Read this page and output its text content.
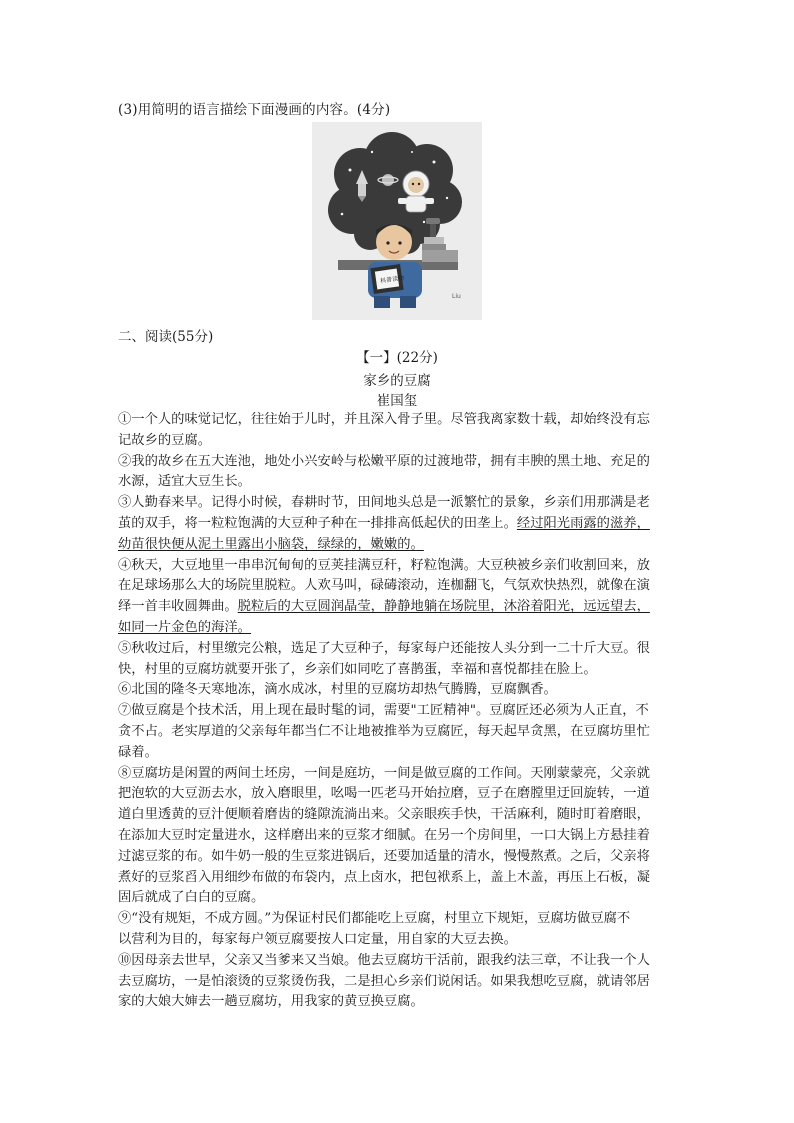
(3)用简明的语言描绘下面漫画的内容。(4分)
科普读物
Liu
二、阅读(55分)
【一】(22分)
家乡的豆腐
崔国玺

①一个人的味觉记忆，往往始于儿时，并且深入骨子里。尽管我离家数十载，却始终没有忘
记故乡的豆腐。

②我的故乡在五大连池，地处小兴安岭与松嫩平原的过渡地带，拥有丰腴的黑土地、充足的
水源，适宜大豆生长。

③人勤春来早。记得小时候，春耕时节，田间地头总是一派繁忙的景象，乡亲们用那满是老
茧的双手，将一粒粒饱满的大豆种子种在一排排高低起伏的田垄上。经过阳光雨露的滋养，
幼苗很快便从泥土里露出小脑袋，绿绿的，嫩嫩的。

④秋天，大豆地里一串串沉甸甸的豆荚挂满豆秆，籽粒饱满。大豆秧被乡亲们收割回来，放
在足球场那么大的场院里脱粒。人欢马叫，碌碡滚动，连枷翻飞，气氛欢快热烈，就像在演
绎一首丰收圆舞曲。脱粒后的大豆圆润晶莹，静静地躺在场院里，沐浴着阳光，远远望去，
如同一片金色的海洋。

⑤秋收过后，村里缴完公粮，选足了大豆种子，每家每户还能按人头分到一二十斤大豆。很
快，村里的豆腐坊就要开张了，乡亲们如同吃了喜鹊蛋，幸福和喜悦都挂在脸上。

⑥北国的隆冬天寒地冻，滴水成冰，村里的豆腐坊却热气腾腾，豆腐飘香。

⑦做豆腐是个技术活，用上现在最时髦的词，需要"工匠精神"。豆腐匠还必须为人正直，不
贪不占。老实厚道的父亲每年都当仁不让地被推举为豆腐匠，每天起早贪黑，在豆腐坊里忙
碌着。

⑧豆腐坊是闲置的两间土坯房，一间是庭坊，一间是做豆腐的工作间。天刚蒙蒙亮，父亲就
把泡软的大豆沥去水，放入磨眼里，吆喝一匹老马开始拉磨，豆子在磨膛里迂回旋转，一道
道白里透黄的豆汁便顺着磨齿的缝隙流淌出来。父亲眼疾手快，干活麻利，随时盯着磨眼，
在添加大豆时定量进水，这样磨出来的豆浆才细腻。在另一个房间里，一口大锅上方悬挂着
过滤豆浆的布。如牛奶一般的生豆浆进锅后，还要加适量的清水，慢慢熬煮。之后，父亲将
煮好的豆浆舀入用细纱布做的布袋内，点上卤水，把包袱系上，盖上木盖，再压上石板，凝
固后就成了白白的豆腐。

⑨“没有规矩，不成方圆。”为保证村民们都能吃上豆腐，村里立下规矩，豆腐坊做豆腐不
以营利为目的，每家每户领豆腐要按人口定量，用自家的大豆去换。

⑩因母亲去世早，父亲又当爹来又当娘。他去豆腐坊干活前，跟我约法三章，不让我一个人
去豆腐坊，一是怕滚烫的豆浆烫伤我，二是担心乡亲们说闲话。如果我想吃豆腐，就请邻居
家的大娘大婶去一趟豆腐坊，用我家的黄豆换豆腐。
